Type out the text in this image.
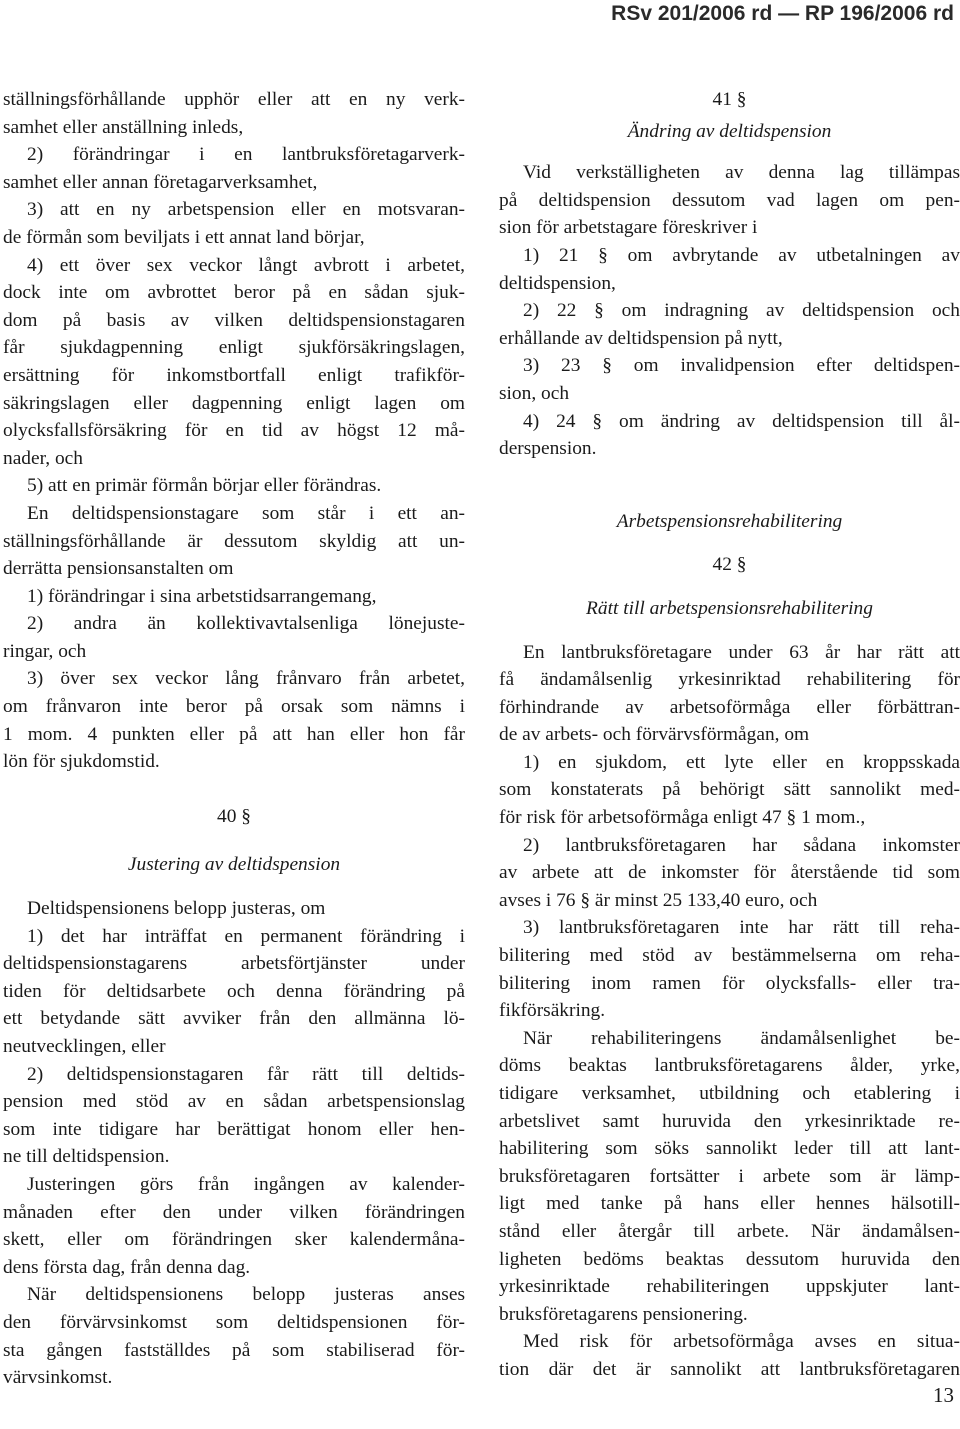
RSv 201/2006 rd — RP 196/2006 rd

ställningsförhållande upphör eller att en ny verk-
samhet eller anställning inleds,
2) förändringar i en lantbruksföretagarverk-
samhet eller annan företagarverksamhet,
3) att en ny arbetspension eller en motsvaran-
de förmån som beviljats i ett annat land börjar,
4) ett över sex veckor långt avbrott i arbetet,
dock inte om avbrottet beror på en sådan sjuk-
dom på basis av vilken deltidspensionstagaren
får sjukdagpenning enligt sjukförsäkringslagen,
ersättning för inkomstbortfall enligt trafikför-
säkringslagen eller dagpenning enligt lagen om
olycksfallsförsäkring för en tid av högst 12 må-
nader, och
5) att en primär förmån börjar eller förändras.
En deltidspensionstagare som står i ett an-
ställningsförhållande är dessutom skyldig att un-
derrätta pensionsanstalten om
1) förändringar i sina arbetstidsarrangemang,
2) andra än kollektivavtalsenliga lönejuste-
ringar, och
3) över sex veckor lång frånvaro från arbetet,
om frånvaron inte beror på orsak som nämns i
1 mom. 4 punkten eller på att han eller hon får
lön för sjukdomstid.

40 §
Justering av deltidspension

Deltidspensionens belopp justeras, om
1) det har inträffat en permanent förändring i
deltidspensionstagarens arbetsförtjänster under
tiden för deltidsarbete och denna förändring på
ett betydande sätt avviker från den allmänna lö-
neutvecklingen, eller
2) deltidspensionstagaren får rätt till deltids-
pension med stöd av en sådan arbetspensionslag
som inte tidigare har berättigat honom eller hen-
ne till deltidspension.
Justeringen görs från ingången av kalender-
månaden efter den under vilken förändringen
skett, eller om förändringen sker kalendermåna-
dens första dag, från denna dag.
När deltidspensionens belopp justeras anses
den förvärvsinkomst som deltidspensionen för-
sta gången fastställdes på som stabiliserad för-
värvsinkomst.

41 §
Ändring av deltidspension

Vid verkställigheten av denna lag tillämpas
på deltidspension dessutom vad lagen om pen-
sion för arbetstagare föreskriver i
1) 21 § om avbrytande av utbetalningen av
deltidspension,
2) 22 § om indragning av deltidspension och
erhållande av deltidspension på nytt,
3) 23 § om invalidpension efter deltidspen-
sion, och
4) 24 § om ändring av deltidspension till ål-
derspension.

Arbetspensionsrehabilitering
42 §
Rätt till arbetspensionsrehabilitering

En lantbruksföretagare under 63 år har rätt att
få ändamålsenlig yrkesinriktad rehabilitering för
förhindrande av arbetsoförmåga eller förbättran-
de av arbets- och förvärvsförmågan, om
1) en sjukdom, ett lyte eller en kroppsskada
som konstaterats på behörigt sätt sannolikt med-
för risk för arbetsoförmåga enligt 47 § 1 mom.,
2) lantbruksföretagaren har sådana inkomster
av arbete att de inkomster för återstående tid som
avses i 76 § är minst 25 133,40 euro, och
3) lantbruksföretagaren inte har rätt till reha-
bilitering med stöd av bestämmelserna om reha-
bilitering inom ramen för olycksfalls- eller tra-
fikförsäkring.
När rehabiliteringens ändamålsenlighet be-
döms beaktas lantbruksföretagarens ålder, yrke,
tidigare verksamhet, utbildning och etablering i
arbetslivet samt huruvida den yrkesinriktade re-
habilitering som söks sannolikt leder till att lant-
bruksföretagaren fortsätter i arbete som är lämp-
ligt med tanke på hans eller hennes hälsotill-
stånd eller återgår till arbete. När ändamålsen-
ligheten bedöms beaktas dessutom huruvida den
yrkesinriktade rehabiliteringen uppskjuter lant-
bruksföretagarens pensionering.
Med risk för arbetsoförmåga avses en situa-
tion där det är sannolikt att lantbruksföretagaren

13
